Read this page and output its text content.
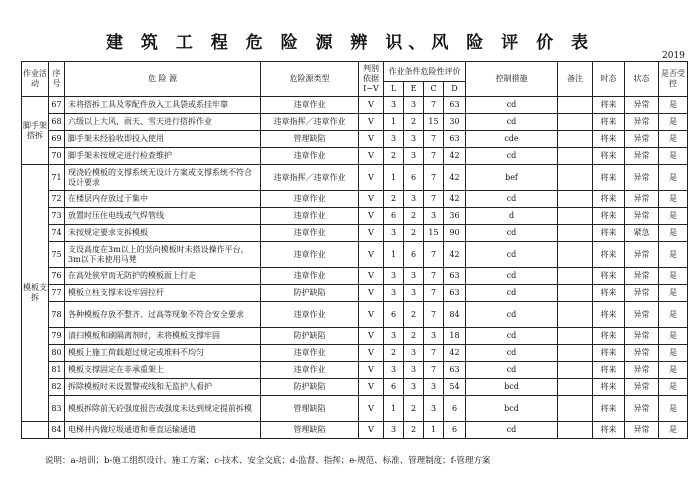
建 筑 工 程 危 险 源 辨 识、风 险 评 价 表
2019
作业活动	序号	危 险 源	危险源类型	判别依据I~V	作业条件危险性评价				控制措施	备注	时态	状态	是否受控
					L	E	C	D					
脚手架搭拆	67	未将搭拆工具及零配件放入工具袋或系挂牢靠	违章作业	V	3	3	7	63	cd		将来	异常	是
	68	六级以上大风、雨天、雪天进行搭拆作业	违章指挥／违章作业	V	1	2	15	30	cd		将来	异常	是
	69	脚手架未经验收即投入使用	管理缺陷	V	3	3	7	63	cde		将来	异常	是
	70	脚手架未按规定进行检查维护	违章作业	V	2	3	7	42	cd		将来	异常	是
模板支拆	71	现浇砼模板的支撑系统无设计方案或支撑系统不符合设计要求	违章指挥／违章作业	V	1	6	7	42	bef		将来	异常	是
	72	在楼层内存放过于集中	违章作业	V	2	3	7	42	cd		将来	异常	是
	73	放置时压住电线或气焊管线	违章作业	V	6	2	3	36	d		将来	异常	是
	74	未按规定要求支拆模板	违章作业	V	3	2	15	90	cd		将来	紧急	是
	75	支设高度在3m以上的竖向模板时未搭设操作平台，3m以下未使用马凳	违章作业	V	1	6	7	42	cd		将来	异常	是
	76	在高处狭窄而无防护的模板面上行走	违章作业	V	3	3	7	63	cd		将来	异常	是
	77	模板立柱支撑未设牢固拉杆	防护缺陷	V	3	3	7	63	cd		将来	异常	是
	78	各种模板存放不整齐、过高等现象不符合安全要求	违章作业	V	6	2	7	84	cd		将来	异常	是
	79	清扫模板和刷隔离剂时，未将模板支撑牢固	防护缺陷	V	3	2	3	18	cd		将来	异常	是
	80	模板上施工荷载超过规定或堆料不均匀	违章作业	V	2	3	7	42	cd		将来	异常	是
	81	模板支撑固定在非承重架上	违章作业	V	3	3	7	63	cd		将来	异常	是
	82	拆除模板时未设置警戒线和无监护人看护	防护缺陷	V	6	3	3	54	bcd		将来	异常	是
	83	模板拆除前无砼强度报告或强度未达到规定提前拆模	管理缺陷	V	1	2	3	6	bcd		将来	异常	是
	84	电梯井内做垃圾通道和垂直运输通道	管理缺陷	V	3	2	1	6	cd		将来	异常	是
说明：a-培训；b-施工组织设计、施工方案；c-技术、安全交底；d-监督、指挥；e-规范、标准、管理制度；f-管理方案
